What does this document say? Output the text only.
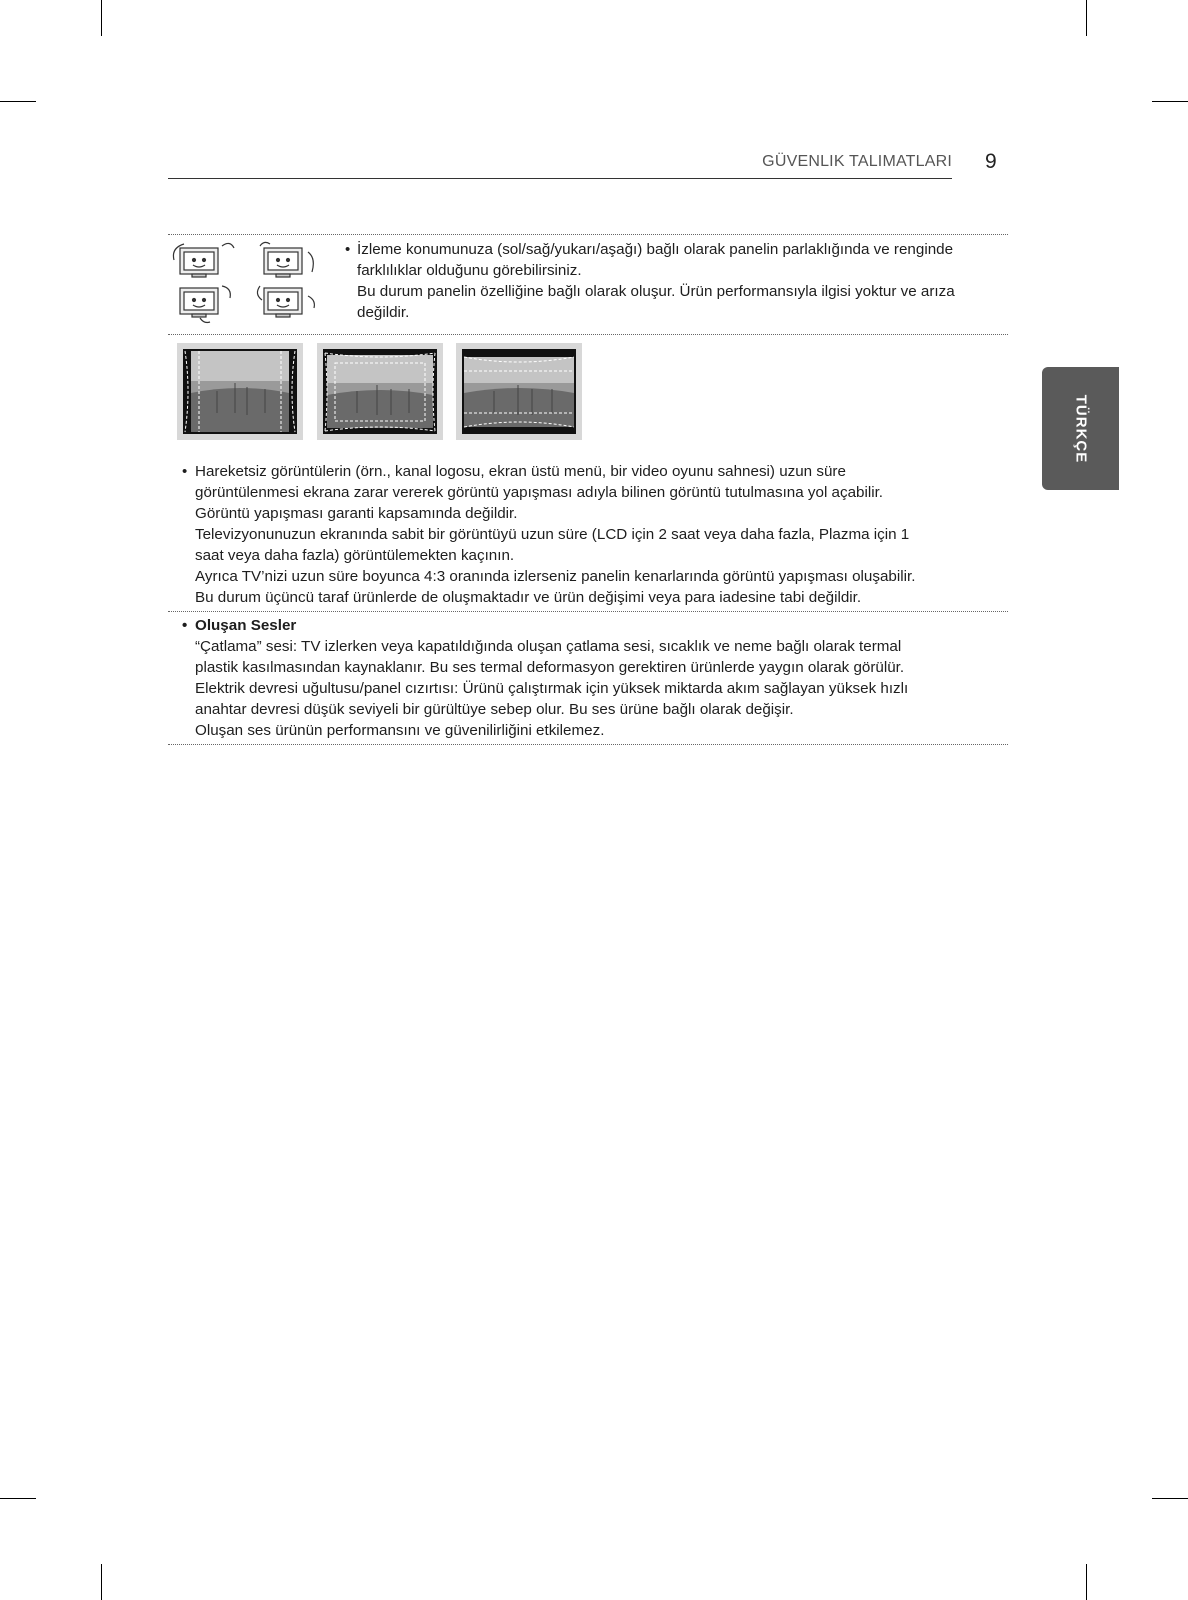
GÜVENLIK TALIMATLARI 9
TÜRKÇE
• İzleme konumunuza (sol/sağ/yukarı/aşağı) bağlı olarak panelin parlaklığında ve renginde

farklılıklar olduğunu görebilirsiniz.

Bu durum panelin özelliğine bağlı olarak oluşur. Ürün performansıyla ilgisi yoktur ve arıza

değildir.

• Hareketsiz görüntülerin (örn., kanal logosu, ekran üstü menü, bir video oyunu sahnesi) uzun süre

görüntülenmesi ekrana zarar vererek görüntü yapışması adıyla bilinen görüntü tutulmasına yol açabilir.

Görüntü yapışması garanti kapsamında değildir.

Televizyonunuzun ekranında sabit bir görüntüyü uzun süre (LCD için 2 saat veya daha fazla, Plazma için 1

saat veya daha fazla) görüntülemekten kaçının.

Ayrıca TV’nizi uzun süre boyunca 4:3 oranında izlerseniz panelin kenarlarında görüntü yapışması oluşabilir.

Bu durum üçüncü taraf ürünlerde de oluşmaktadır ve ürün değişimi veya para iadesine tabi değildir.

• Oluşan Sesler

“Çatlama” sesi: TV izlerken veya kapatıldığında oluşan çatlama sesi, sıcaklık ve neme bağlı olarak termal

plastik kasılmasından kaynaklanır. Bu ses termal deformasyon gerektiren ürünlerde yaygın olarak görülür.

Elektrik devresi uğultusu/panel cızırtısı: Ürünü çalıştırmak için yüksek miktarda akım sağlayan yüksek hızlı

anahtar devresi düşük seviyeli bir gürültüye sebep olur. Bu ses ürüne bağlı olarak değişir.

Oluşan ses ürünün performansını ve güvenilirliğini etkilemez.
